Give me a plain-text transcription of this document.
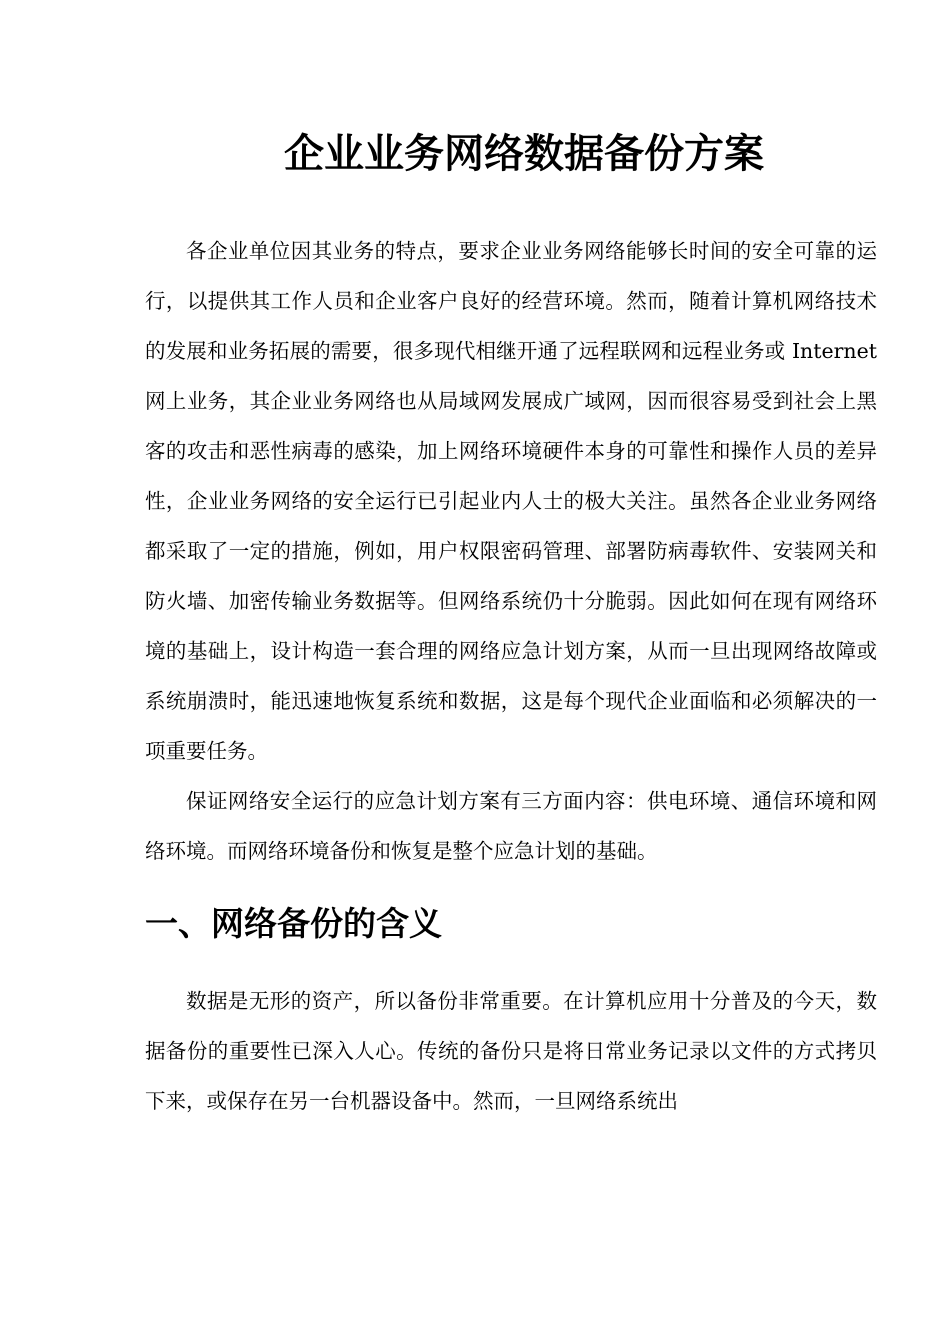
企业业务网络数据备份方案

各企业单位因其业务的特点，要求企业业务网络能够长时间的安全可靠的运行，以提供其工作人员和企业客户良好的经营环境。然而，随着计算机网络技术的发展和业务拓展的需要，很多现代相继开通了远程联网和远程业务或 Internet 网上业务，其企业业务网络也从局域网发展成广域网，因而很容易受到社会上黑客的攻击和恶性病毒的感染，加上网络环境硬件本身的可靠性和操作人员的差异性，企业业务网络的安全运行已引起业内人士的极大关注。虽然各企业业务网络都采取了一定的措施，例如，用户权限密码管理、部署防病毒软件、安装网关和防火墙、加密传输业务数据等。但网络系统仍十分脆弱。因此如何在现有网络环境的基础上，设计构造一套合理的网络应急计划方案，从而一旦出现网络故障或系统崩溃时，能迅速地恢复系统和数据，这是每个现代企业面临和必须解决的一项重要任务。

保证网络安全运行的应急计划方案有三方面内容：供电环境、通信环境和网络环境。而网络环境备份和恢复是整个应急计划的基础。

一、网络备份的含义

数据是无形的资产，所以备份非常重要。在计算机应用十分普及的今天，数据备份的重要性已深入人心。传统的备份只是将日常业务记录以文件的方式拷贝下来，或保存在另一台机器设备中。然而，一旦网络系统出
